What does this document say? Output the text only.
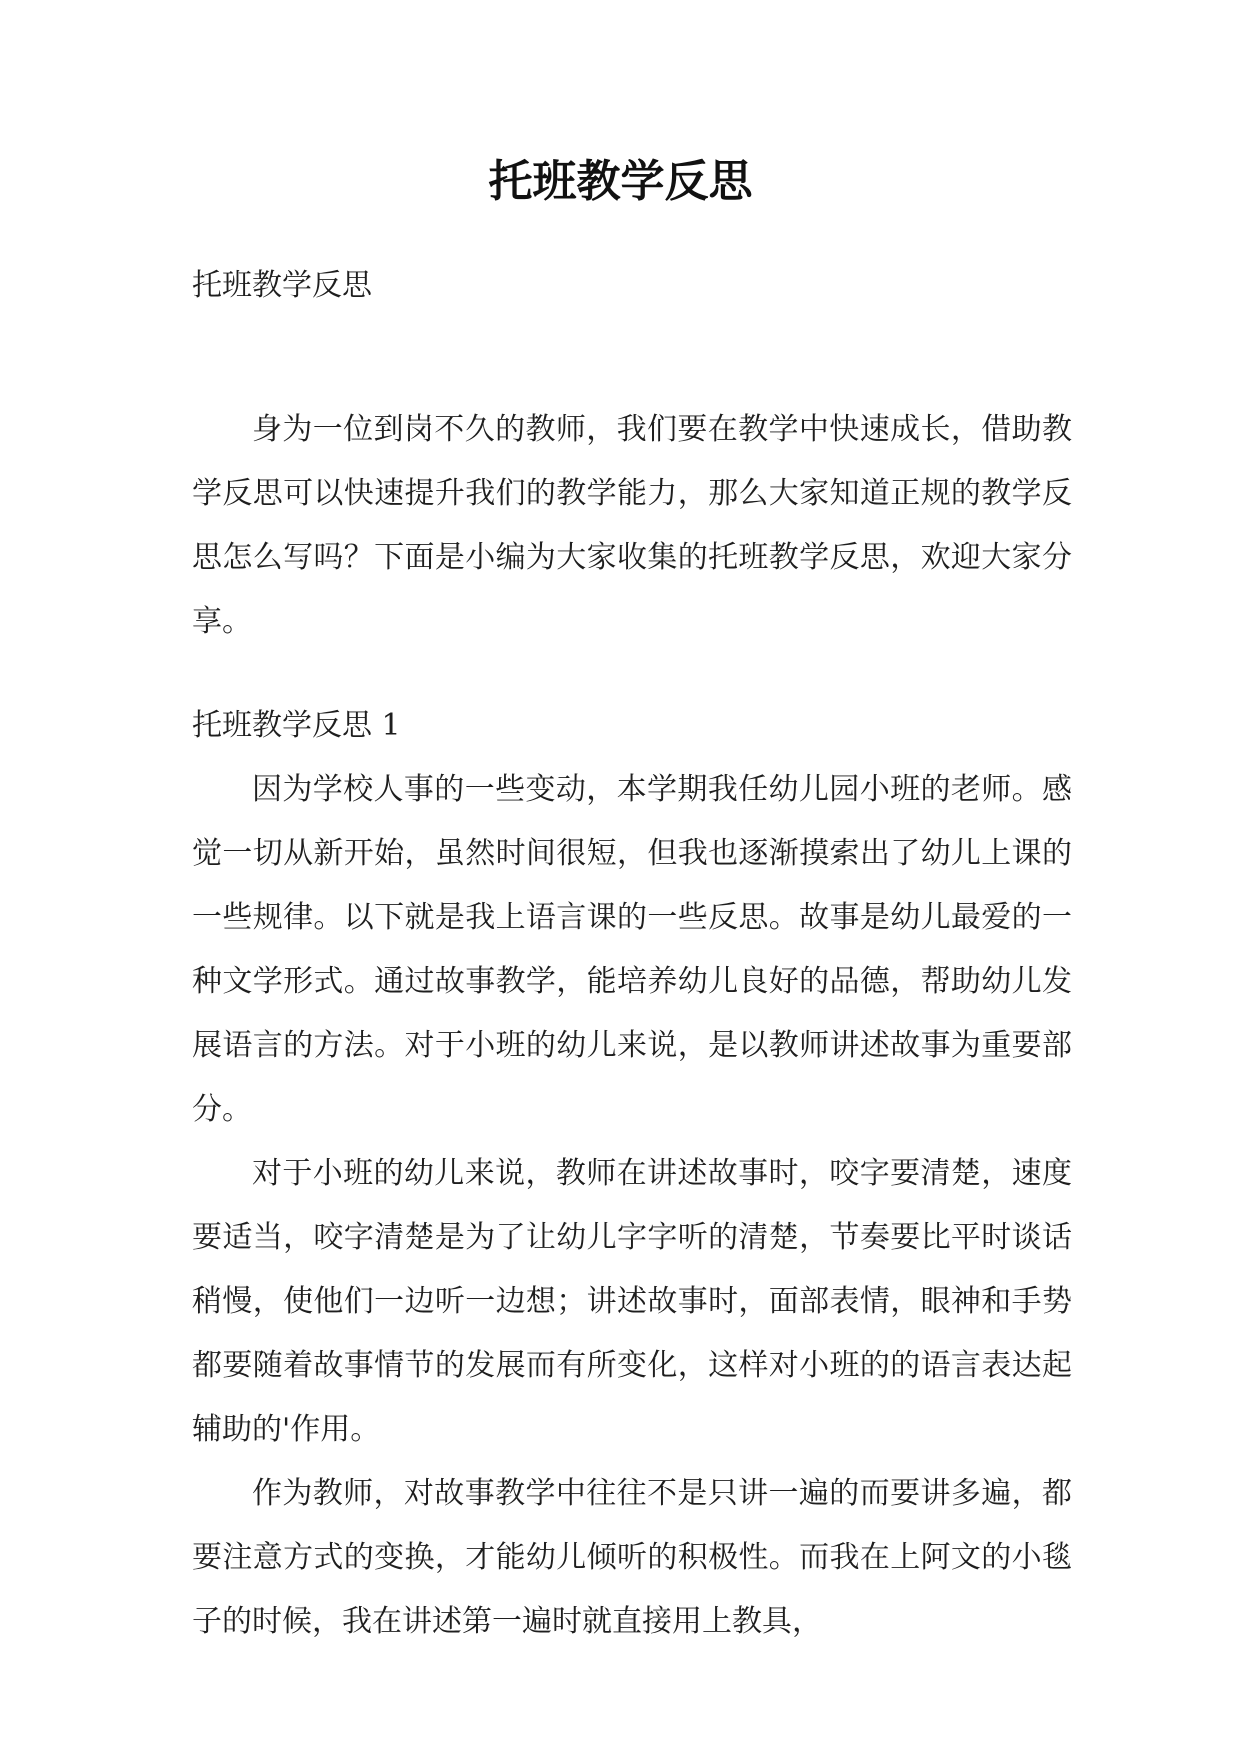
托班教学反思

托班教学反思

身为一位到岗不久的教师，我们要在教学中快速成长，借助教学反思可以快速提升我们的教学能力，那么大家知道正规的教学反思怎么写吗？下面是小编为大家收集的托班教学反思，欢迎大家分享。

托班教学反思 1

因为学校人事的一些变动，本学期我任幼儿园小班的老师。感觉一切从新开始，虽然时间很短，但我也逐渐摸索出了幼儿上课的一些规律。以下就是我上语言课的一些反思。故事是幼儿最爱的一种文学形式。通过故事教学，能培养幼儿良好的品德，帮助幼儿发展语言的方法。对于小班的幼儿来说，是以教师讲述故事为重要部分。

对于小班的幼儿来说，教师在讲述故事时，咬字要清楚，速度要适当，咬字清楚是为了让幼儿字字听的清楚，节奏要比平时谈话稍慢，使他们一边听一边想；讲述故事时，面部表情，眼神和手势都要随着故事情节的发展而有所变化，这样对小班的的语言表达起辅助的'作用。

作为教师，对故事教学中往往不是只讲一遍的而要讲多遍，都要注意方式的变换，才能幼儿倾听的积极性。而我在上阿文的小毯子的时候，我在讲述第一遍时就直接用上教具，
